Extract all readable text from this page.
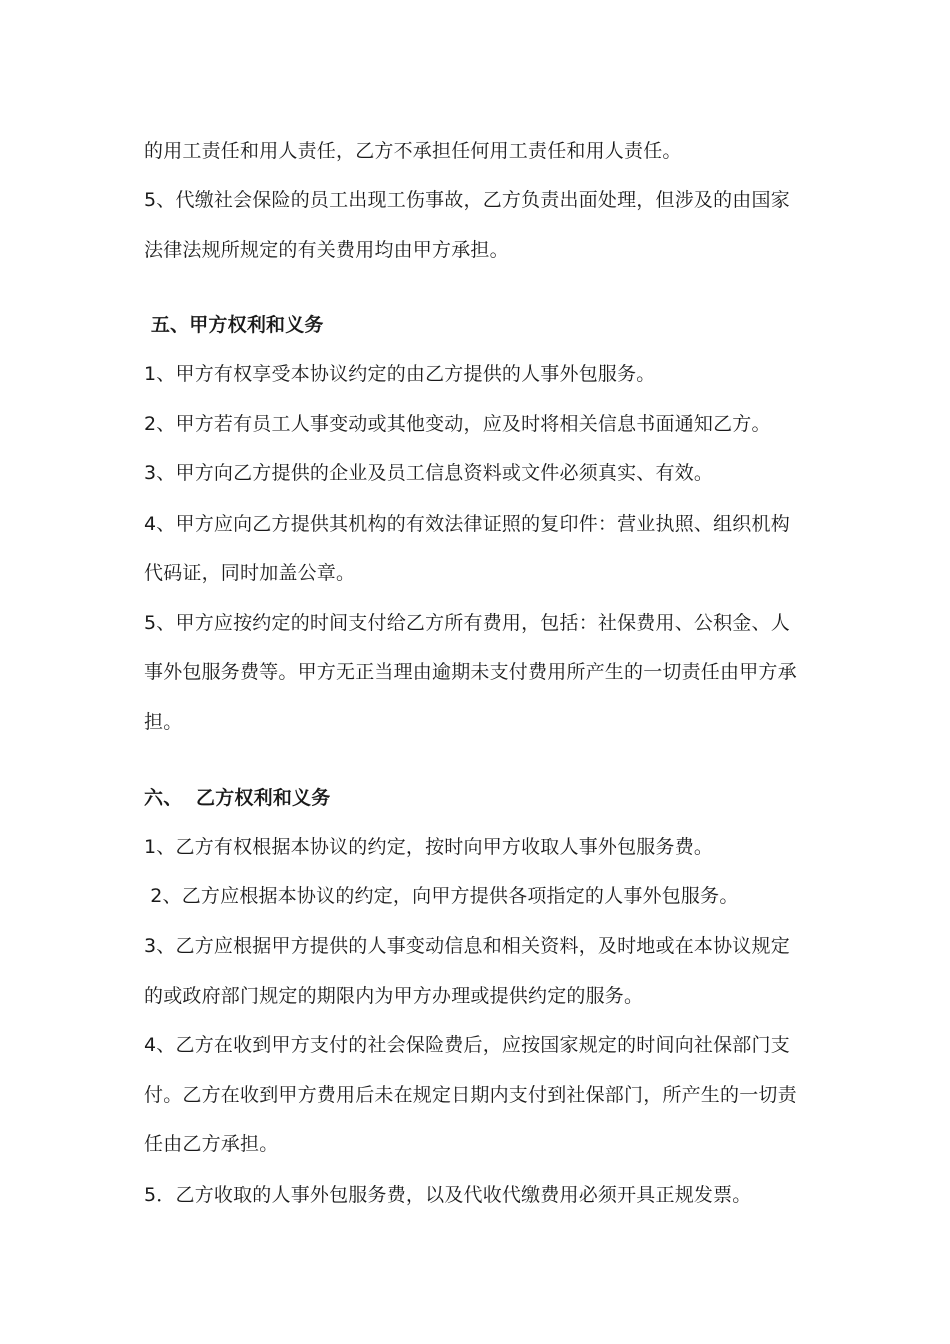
的用工责任和用人责任，乙方不承担任何用工责任和用人责任。
5、代缴社会保险的员工出现工伤事故，乙方负责出面处理，但涉及的由国家
法律法规所规定的有关费用均由甲方承担。
五、甲方权利和义务
1、甲方有权享受本协议约定的由乙方提供的人事外包服务。
2、甲方若有员工人事变动或其他变动，应及时将相关信息书面通知乙方。
3、甲方向乙方提供的企业及员工信息资料或文件必须真实、有效。
4、甲方应向乙方提供其机构的有效法律证照的复印件：营业执照、组织机构
代码证，同时加盖公章。
5、甲方应按约定的时间支付给乙方所有费用，包括：社保费用、公积金、人
事外包服务费等。甲方无正当理由逾期未支付费用所产生的一切责任由甲方承
担。
六、  乙方权利和义务
1、乙方有权根据本协议的约定，按时向甲方收取人事外包服务费。
2、乙方应根据本协议的约定，向甲方提供各项指定的人事外包服务。
3、乙方应根据甲方提供的人事变动信息和相关资料，及时地或在本协议规定
的或政府部门规定的期限内为甲方办理或提供约定的服务。
4、乙方在收到甲方支付的社会保险费后，应按国家规定的时间向社保部门支
付。乙方在收到甲方费用后未在规定日期内支付到社保部门，所产生的一切责
任由乙方承担。
5．乙方收取的人事外包服务费，以及代收代缴费用必须开具正规发票。
